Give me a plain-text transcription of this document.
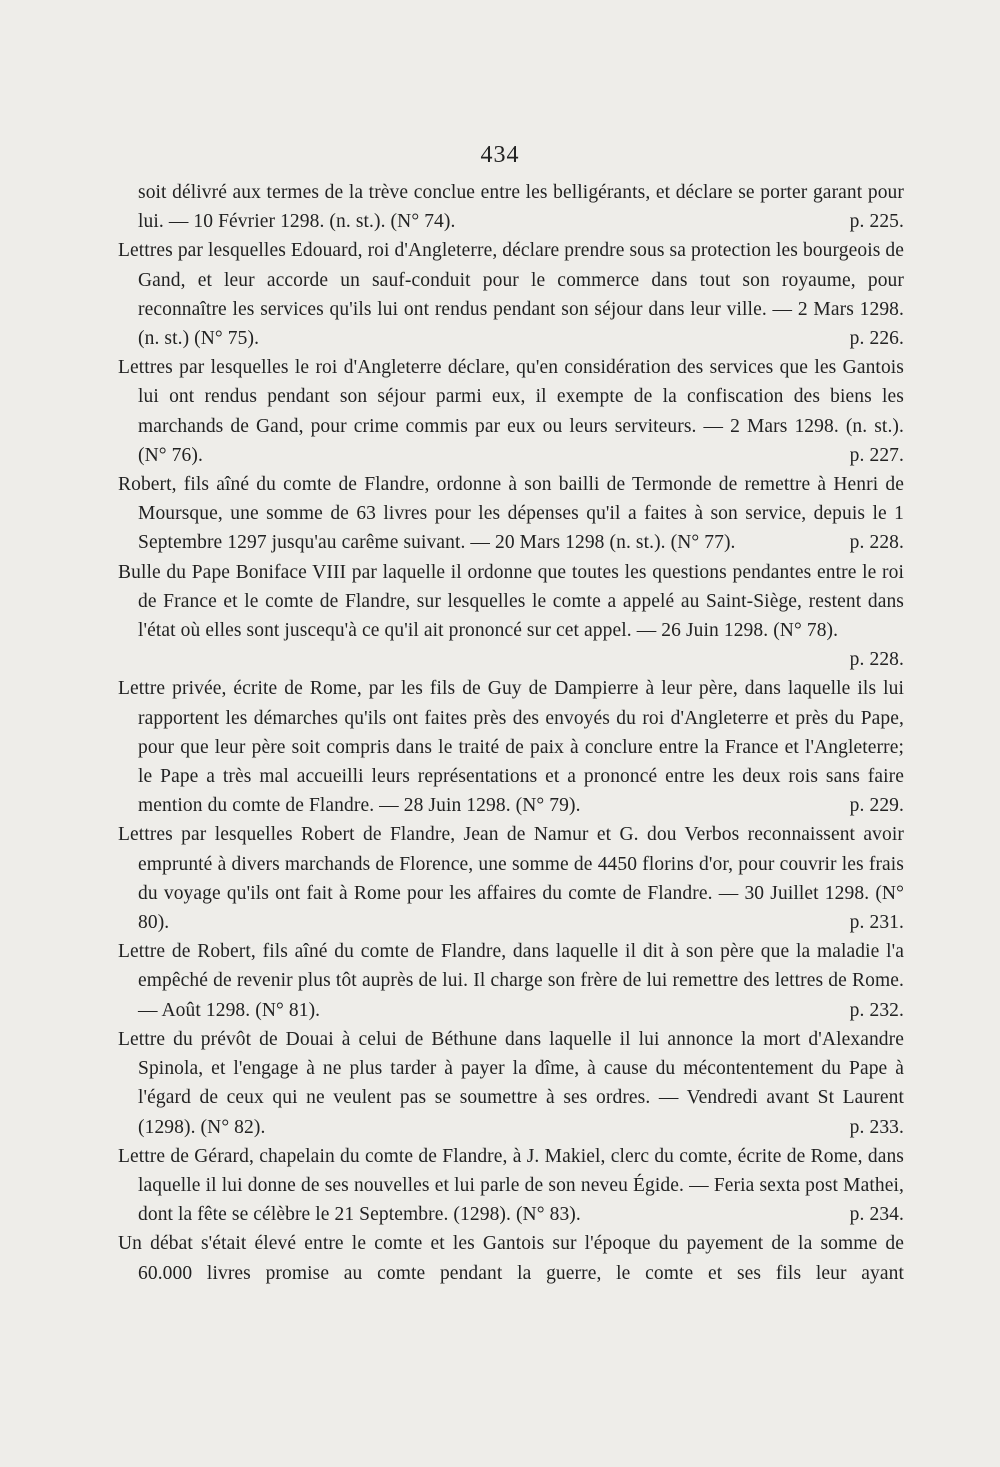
434
soit délivré aux termes de la trève conclue entre les belligérants, et déclare se porter garant pour lui. — 10 Février 1298. (n. st.). (N° 74).	p. 225.
Lettres par lesquelles Edouard, roi d'Angleterre, déclare prendre sous sa protection les bourgeois de Gand, et leur accorde un sauf-conduit pour le commerce dans tout son royaume, pour reconnaître les services qu'ils lui ont rendus pendant son séjour dans leur ville. — 2 Mars 1298. (n. st.) (N° 75).	p. 226.
Lettres par lesquelles le roi d'Angleterre déclare, qu'en considération des services que les Gantois lui ont rendus pendant son séjour parmi eux, il exempte de la confiscation des biens les marchands de Gand, pour crime commis par eux ou leurs serviteurs. — 2 Mars 1298. (n. st.). (N° 76).	p. 227.
Robert, fils aîné du comte de Flandre, ordonne à son bailli de Termonde de remettre à Henri de Moursque, une somme de 63 livres pour les dépenses qu'il a faites à son service, depuis le 1 Septembre 1297 jusqu'au carême suivant. — 20 Mars 1298 (n. st.). (N° 77).	p. 228.
Bulle du Pape Boniface VIII par laquelle il ordonne que toutes les questions pendantes entre le roi de France et le comte de Flandre, sur lesquelles le comte a appelé au Saint-Siège, restent dans l'état où elles sont juscequ'à ce qu'il ait prononcé sur cet appel. — 26 Juin 1298. (N° 78).
p. 228.
Lettre privée, écrite de Rome, par les fils de Guy de Dampierre à leur père, dans laquelle ils lui rapportent les démarches qu'ils ont faites près des envoyés du roi d'Angleterre et près du Pape, pour que leur père soit compris dans le traité de paix à conclure entre la France et l'Angleterre; le Pape a très mal accueilli leurs représentations et a prononcé entre les deux rois sans faire mention du comte de Flandre. — 28 Juin 1298. (N° 79).	p. 229.
Lettres par lesquelles Robert de Flandre, Jean de Namur et G. dou Verbos reconnaissent avoir emprunté à divers marchands de Florence, une somme de 4450 florins d'or, pour couvrir les frais du voyage qu'ils ont fait à Rome pour les affaires du comte de Flandre. — 30 Juillet 1298. (N° 80).	p. 231.
Lettre de Robert, fils aîné du comte de Flandre, dans laquelle il dit à son père que la maladie l'a empêché de revenir plus tôt auprès de lui. Il charge son frère de lui remettre des lettres de Rome. — Août 1298. (N° 81).	p. 232.
Lettre du prévôt de Douai à celui de Béthune dans laquelle il lui annonce la mort d'Alexandre Spinola, et l'engage à ne plus tarder à payer la dîme, à cause du mécontentement du Pape à l'égard de ceux qui ne veulent pas se soumettre à ses ordres. — Vendredi avant St Laurent (1298). (N° 82).	p. 233.
Lettre de Gérard, chapelain du comte de Flandre, à J. Makiel, clerc du comte, écrite de Rome, dans laquelle il lui donne de ses nouvelles et lui parle de son neveu Égide. — Feria sexta post Mathei, dont la fête se célèbre le 21 Septembre. (1298). (N° 83).	p. 234.
Un débat s'était élevé entre le comte et les Gantois sur l'époque du payement de la somme de 60.000 livres promise au comte pendant la guerre, le comte et ses fils leur ayant
